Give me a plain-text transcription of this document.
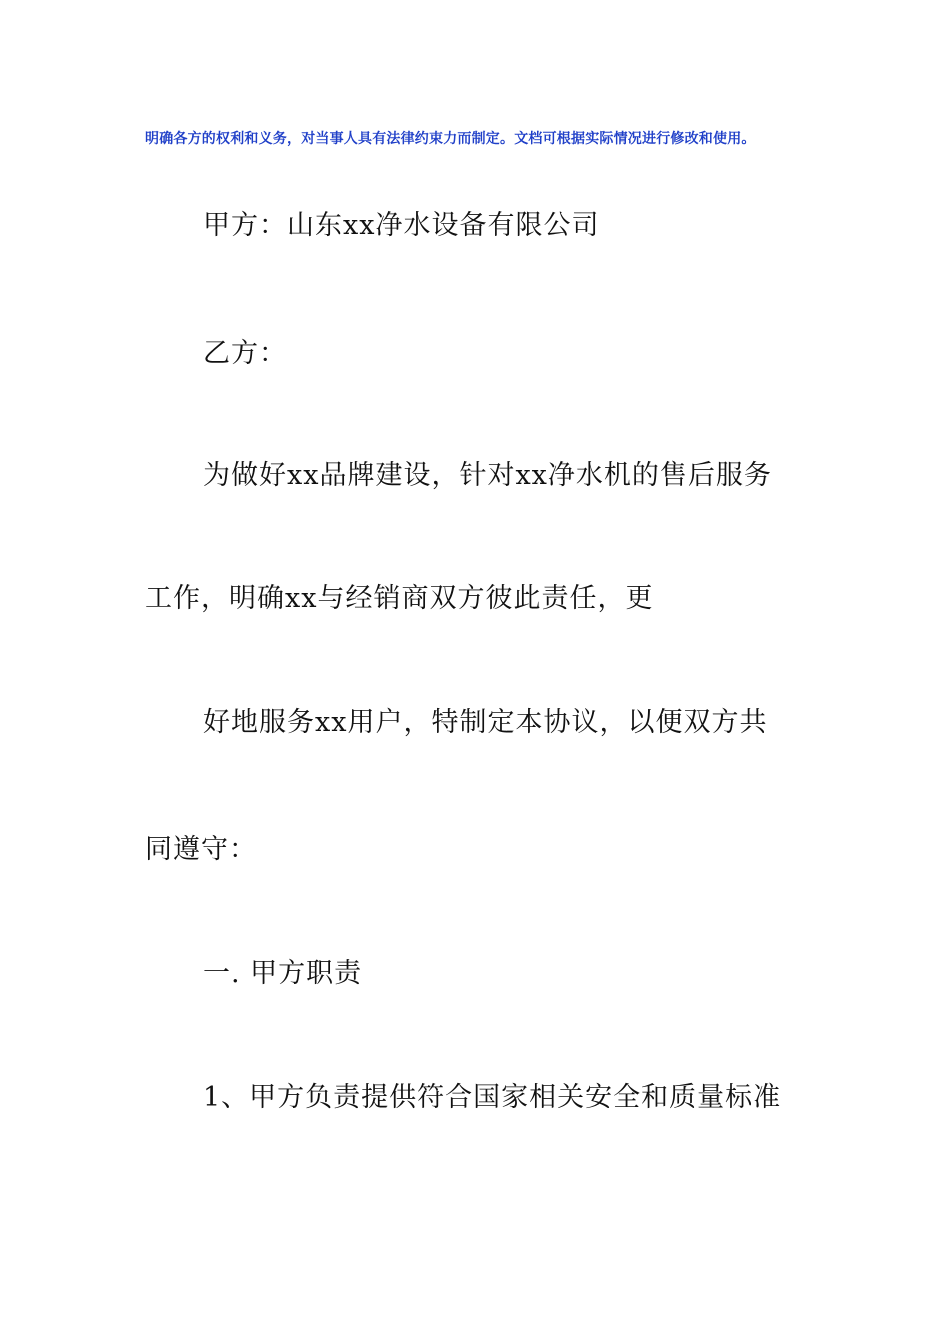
明确各方的权利和义务，对当事人具有法律约束力而制定。文档可根据实际情况进行修改和使用。
甲方：山东xx净水设备有限公司
乙方：
为做好xx品牌建设，针对xx净水机的售后服务
工作，明确xx与经销商双方彼此责任，更
好地服务xx用户，特制定本协议，以便双方共
同遵守：
一. 甲方职责
1、甲方负责提供符合国家相关安全和质量标准
